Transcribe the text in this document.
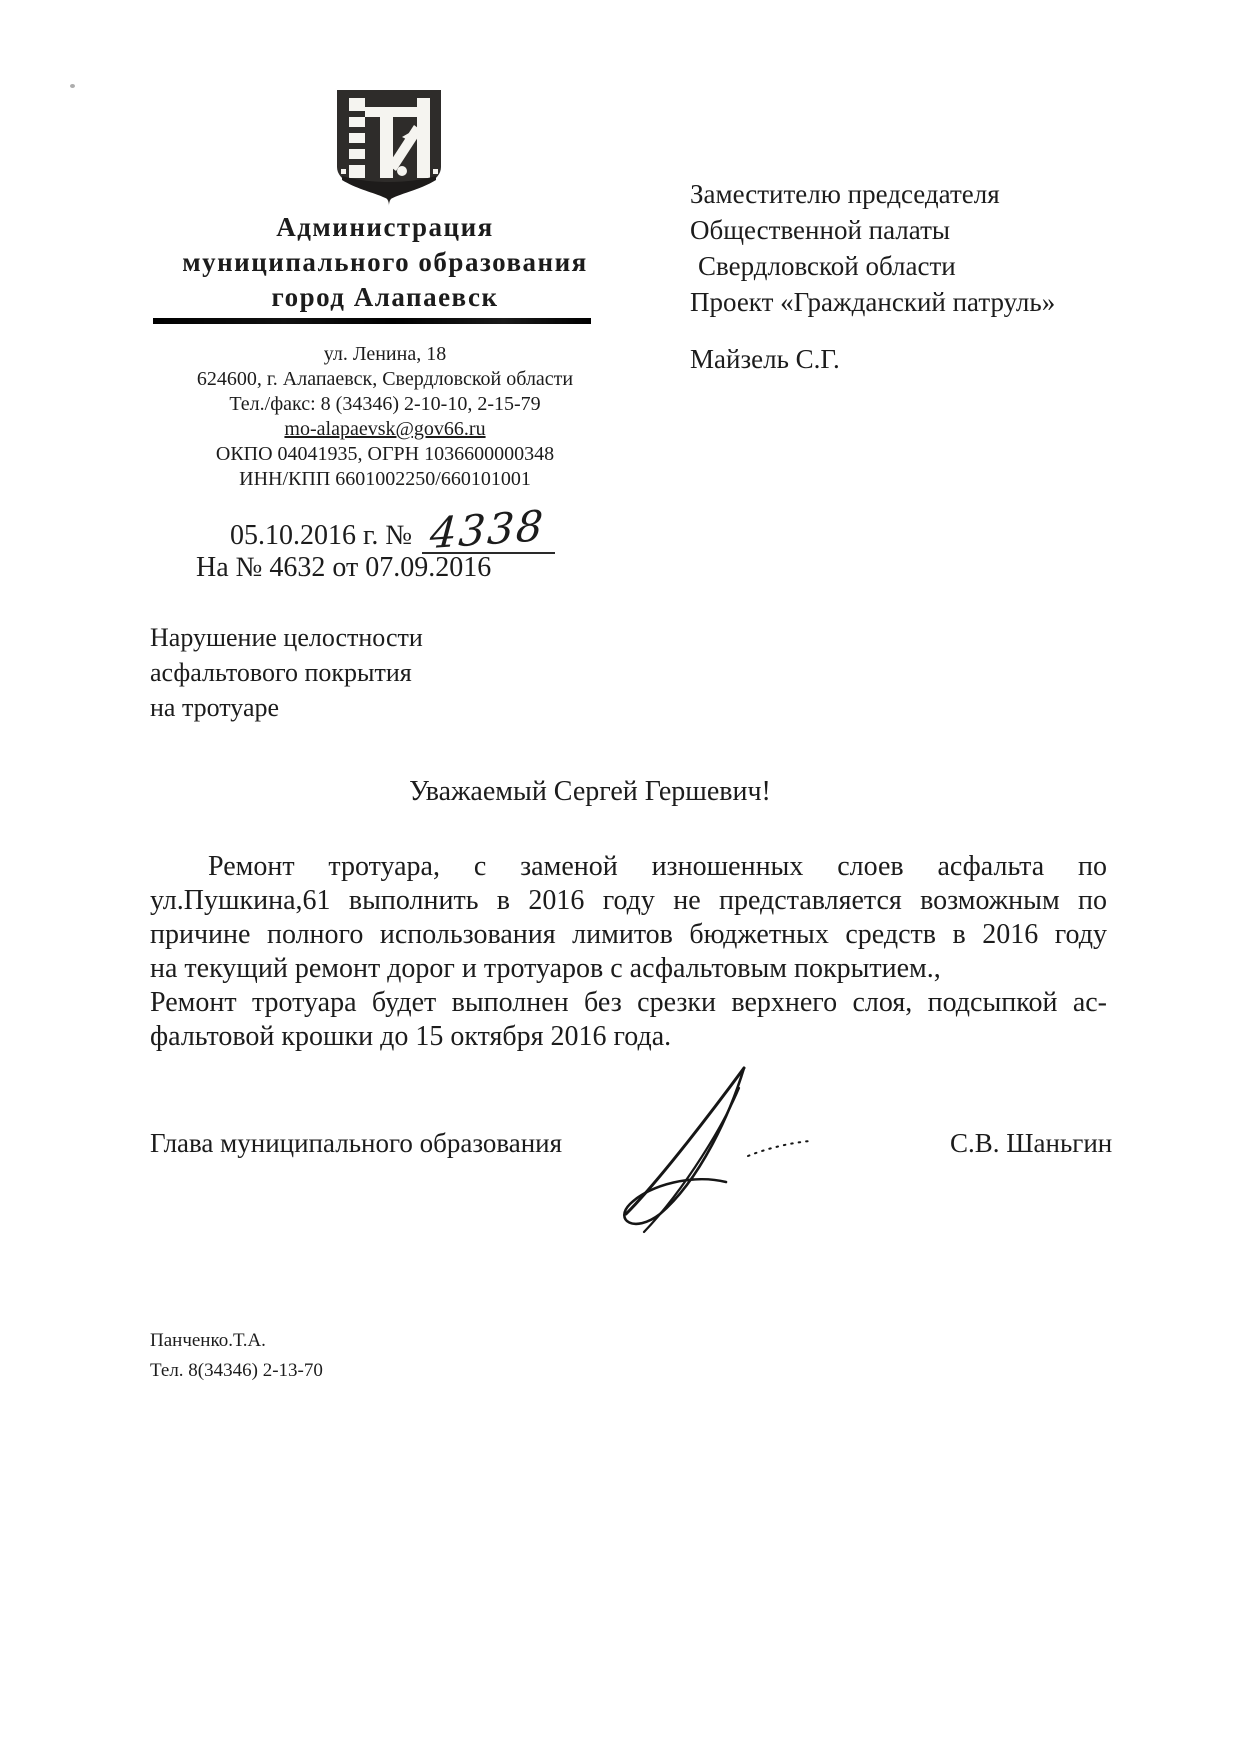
Администрация
муниципального образования
город Алапаевск
ул. Ленина, 18
624600, г. Алапаевск, Свердловской области
Тел./факс: 8 (34346) 2-10-10, 2-15-79
mo-alapaevsk@gov66.ru
ОКПО 04041935, ОГРН 1036600000348
ИНН/КПП 6601002250/660101001
05.10.2016 г. № 4338
На № 4632 от 07.09.2016
Заместителю председателя
Общественной палаты
Свердловской области
Проект «Гражданский патруль»
Майзель С.Г.
Нарушение целостности
асфальтового покрытия
на тротуаре
Уважаемый Сергей Гершевич!
Ремонт тротуара, с заменой изношенных слоев асфальта по
ул.Пушкина,61 выполнить в 2016 году не представляется возможным по
причине полного использования лимитов бюджетных средств в 2016 году
на текущий ремонт дорог и тротуаров с асфальтовым покрытием.,
Ремонт тротуара будет выполнен без срезки верхнего слоя, подсыпкой ас-
фальтовой крошки до 15 октября 2016 года.
Глава муниципального образования	С.В. Шаньгин
Панченко.Т.А.
Тел. 8(34346) 2-13-70
